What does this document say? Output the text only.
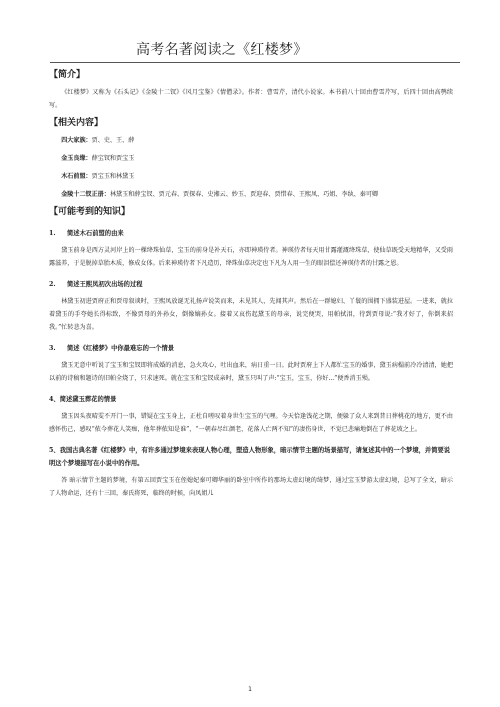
高考名著阅读之《红楼梦》
【简介】
《红楼梦》又称为《石头记》《金陵十二钗》《风月宝鉴》《情僧录》。作者：曹雪芹，清代小说家。本书前八十回由曹雪芹写，后四十回由高鹗续写。
【相关内容】
四大家族：贾、史、王、薛
金玉良缘：薛宝钗和贾宝玉
木石前盟：贾宝玉和林黛玉
金陵十二钗正册：林黛玉和薛宝钗、贾元春、贾探春、史湘云、妙玉、贾迎春、贾惜春、王熙凤、巧姐、李纨、秦可卿
【可能考到的知识】
1. 简述木石前盟的由来
黛玉前身是西方灵河岸上的一棵绛珠仙草，宝玉的前身是补天石，亦即神瑛侍者。神瑛侍者每天用甘露灌溉绛珠草，使仙草既受天地精华，又受雨露滋养，于是脱掉草胎木质，修成女体。后来神瑛侍者下凡造历，绛珠仙草决定也下凡为人用一生的眼泪偿还神瑛侍者的甘露之恩。
2. 简述王熙凤初次出场的过程
林黛玉初进贾府正和贾母叙谈时，王熙凤放诞无礼扬声说笑而来，未见其人，先闻其声。然后在一群媳妇、丫鬟的围拥下盛装进屋。一进来，就拉着黛玉的手夸她长得标致，不像贾母的外孙女，倒像嫡孙女。接着又哀伤起黛玉的母亲，说完便哭，用帕拭泪，待到贾母说:“我才好了，你倒来招我。”忙转悲为喜。
3. 简述《红楼梦》中你最难忘的一个情景
黛玉无意中听说了宝玉和宝钗即将成婚的消息，急火攻心，吐出血来，病日重一日。此时贾府上下人都忙宝玉的婚事，黛玉病榻前冷冷清清，她把以前的诗稿和题诗的旧帕全烧了，只求速死。就在宝玉和宝钗成亲时，黛玉只叫了声:“宝玉，宝玉，你好...”便香消玉殒。
4、简述黛玉葬花的情景
黛玉因头夜晴雯不开门一事，错疑在宝玉身上，正杜自嗟叹着身世生宝玉的气哩。今天恰逢饯花之期，便躲了众人来到昔日葬桃花的地方，更不由感怀伤己，感叹“侬今葬花人笑痴，他年葬侬知是谁”，“一朝春尽红颜老，花落人亡两不知”的凄伤身世，不觉已悲痛地倒在了葬花坡之上。
5、我国古典名著《红楼梦》中，有许多通过梦境来表现人物心理，塑造人物形象，暗示情节主题的场景描写，请复述其中的一个梦境，并简要说明这个梦境描写在小说中的作用。
答 暗示情节主题的梦境，有第五回贾宝玉在侄媳妃秦可卿华丽的卧室中所作的那场太虚幻境的绮梦，通过宝玉梦游太虚幻境，总写了全文，暗示了人物命运，还有十三回，秦氏将死，临终的时候，向凤姐儿
1
